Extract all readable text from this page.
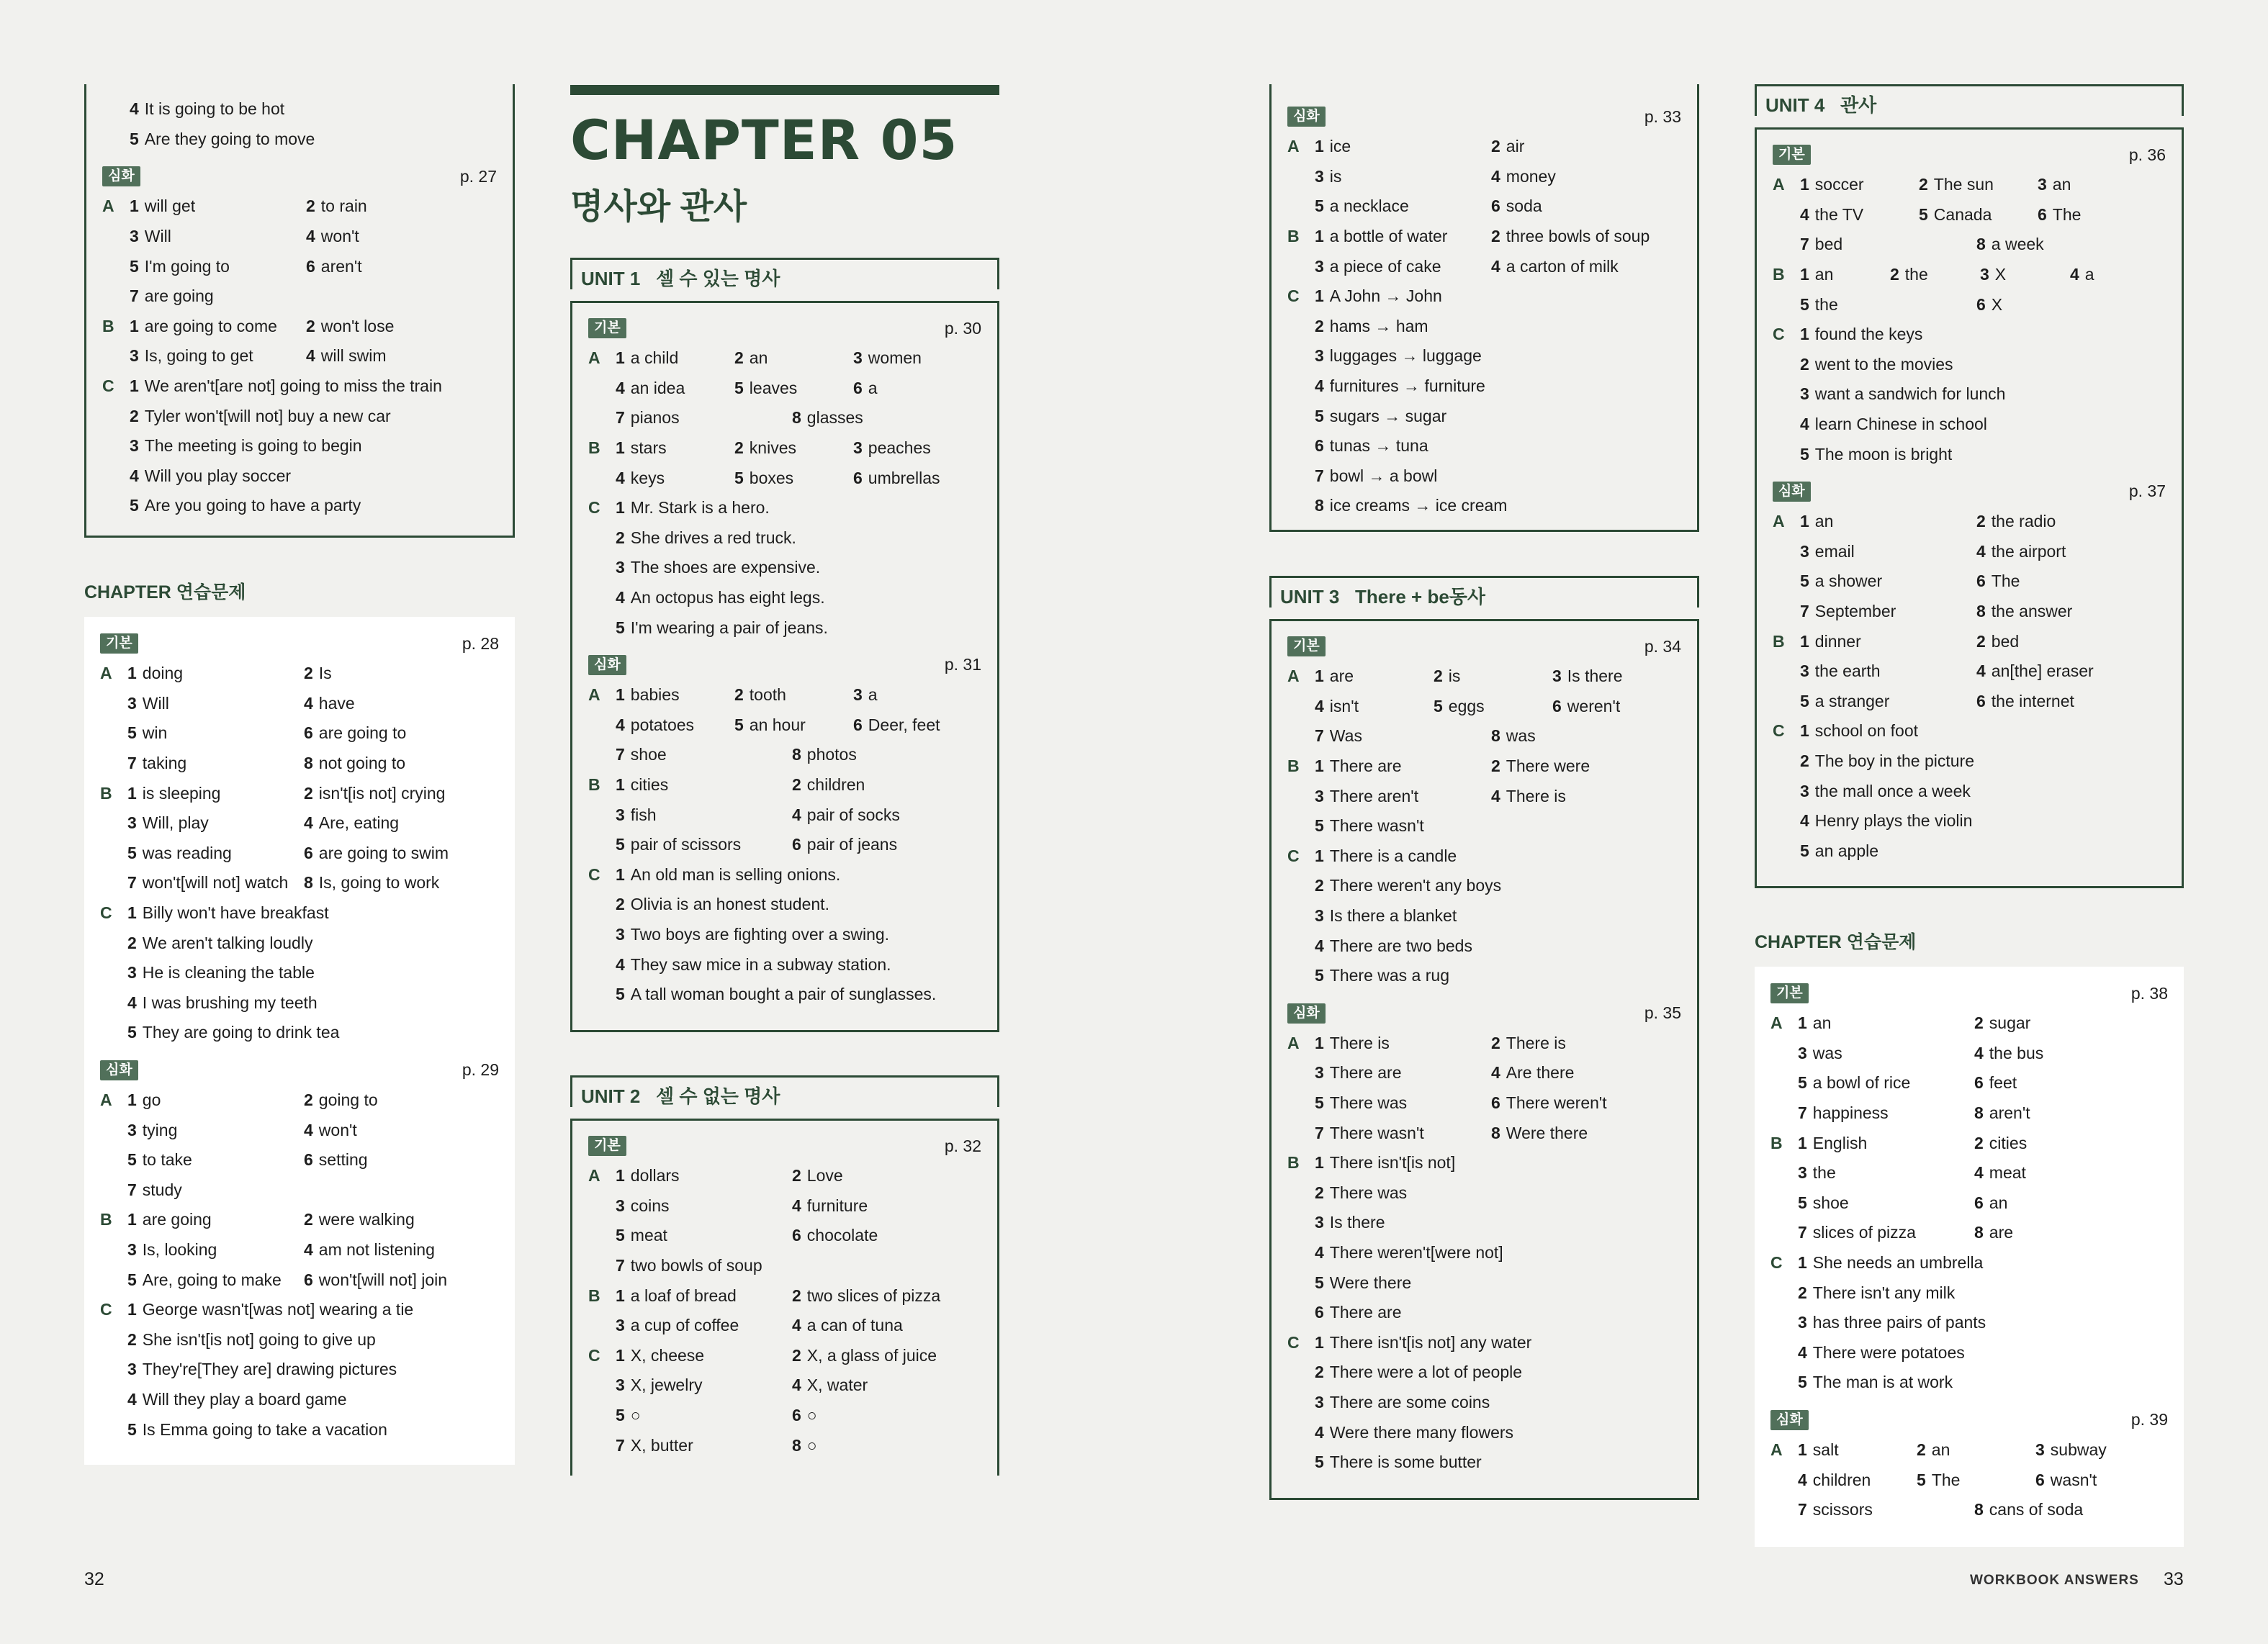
4 It is going to be hot
5 Are they going to move
심화	p. 27
A 1 will get	2 to rain
3 Will	4 won't
5 I'm going to	6 aren't
7 are going
B 1 are going to come 2 won't lose
3 Is, going to get	4 will swim
C 1 We aren't[are not] going to miss the train
2 Tyler won't[will not] buy a new car
3 The meeting is going to begin
4 Will you play soccer
5 Are you going to have a party
CHAPTER 연습문제
기본	p. 28
A 1 doing	2 Is
3 Will	4 have
5 win	6 are going to
7 taking	8 not going to
B 1 is sleeping	2 isn't[is not] crying
3 Will, play	4 Are, eating
5 was reading	6 are going to swim
7 won't[will not] watch 8 Is, going to work
C 1 Billy won't have breakfast
2 We aren't talking loudly
3 He is cleaning the table
4 I was brushing my teeth
5 They are going to drink tea
심화	p. 29
A 1 go	2 going to
3 tying	4 won't
5 to take	6 setting
7 study
B 1 are going	2 were walking
3 Is, looking	4 am not listening
5 Are, going to make 6 won't[will not] join
C 1 George wasn't[was not] wearing a tie
2 She isn't[is not] going to give up
3 They're[They are] drawing pictures
4 Will they play a board game
5 Is Emma going to take a vacation
CHAPTER 05
명사와 관사
UNIT 1 셀 수 있는 명사
기본	p. 30
A 1 a child	2 an	3 women
4 an idea	5 leaves	6 a
7 pianos	8 glasses
B 1 stars	2 knives	3 peaches
4 keys	5 boxes	6 umbrellas
C 1 Mr. Stark is a hero.
2 She drives a red truck.
3 The shoes are expensive.
4 An octopus has eight legs.
5 I'm wearing a pair of jeans.
심화	p. 31
A 1 babies	2 tooth	3 a
4 potatoes 5 an hour	6 Deer, feet
7 shoe	8 photos
B 1 cities	2 children
3 fish	4 pair of socks
5 pair of scissors	6 pair of jeans
C 1 An old man is selling onions.
2 Olivia is an honest student.
3 Two boys are fighting over a swing.
4 They saw mice in a subway station.
5 A tall woman bought a pair of sunglasses.
UNIT 2 셀 수 없는 명사
기본	p. 32
A 1 dollars	2 Love
3 coins	4 furniture
5 meat	6 chocolate
7 two bowls of soup
B 1 a loaf of bread	2 two slices of pizza
3 a cup of coffee	4 a can of tuna
C 1 X, cheese	2 X, a glass of juice
3 X, jewelry	4 X, water
5 ○	6 ○
7 X, butter	8 ○
심화	p. 33
A 1 ice	2 air
3 is	4 money
5 a necklace	6 soda
B 1 a bottle of water	2 three bowls of soup
3 a piece of cake	4 a carton of milk
C 1 A John → John
2 hams → ham
3 luggages → luggage
4 furnitures → furniture
5 sugars → sugar
6 tunas → tuna
7 bowl → a bowl
8 ice creams → ice cream
UNIT 3 There + be동사
기본	p. 34
A 1 are	2 is	3 Is there
4 isn't	5 eggs	6 weren't
7 Was	8 was
B 1 There are	2 There were
3 There aren't	4 There is
5 There wasn't
C 1 There is a candle
2 There weren't any boys
3 Is there a blanket
4 There are two beds
5 There was a rug
심화	p. 35
A 1 There is	2 There is
3 There are	4 Are there
5 There was	6 There weren't
7 There wasn't	8 Were there
B 1 There isn't[is not]
2 There was
3 Is there
4 There weren't[were not]
5 Were there
6 There are
C 1 There isn't[is not] any water
2 There were a lot of people
3 There are some coins
4 Were there many flowers
5 There is some butter
UNIT 4 관사
기본	p. 36
A 1 soccer	2 The sun	3 an
4 the TV	5 Canada	6 The
7 bed	8 a week
B 1 an	2 the	3 X	4 a
5 the	6 X
C 1 found the keys
2 went to the movies
3 want a sandwich for lunch
4 learn Chinese in school
5 The moon is bright
심화	p. 37
A 1 an	2 the radio
3 email	4 the airport
5 a shower	6 The
7 September	8 the answer
B 1 dinner	2 bed
3 the earth	4 an[the] eraser
5 a stranger	6 the internet
C 1 school on foot
2 The boy in the picture
3 the mall once a week
4 Henry plays the violin
5 an apple
CHAPTER 연습문제
기본	p. 38
A 1 an	2 sugar
3 was	4 the bus
5 a bowl of rice	6 feet
7 happiness	8 aren't
B 1 English	2 cities
3 the	4 meat
5 shoe	6 an
7 slices of pizza	8 are
C 1 She needs an umbrella
2 There isn't any milk
3 has three pairs of pants
4 There were potatoes
5 The man is at work
심화	p. 39
A 1 salt	2 an	3 subway
4 children	5 The	6 wasn't
7 scissors	8 cans of soda
32	WORKBOOK ANSWERS 33
